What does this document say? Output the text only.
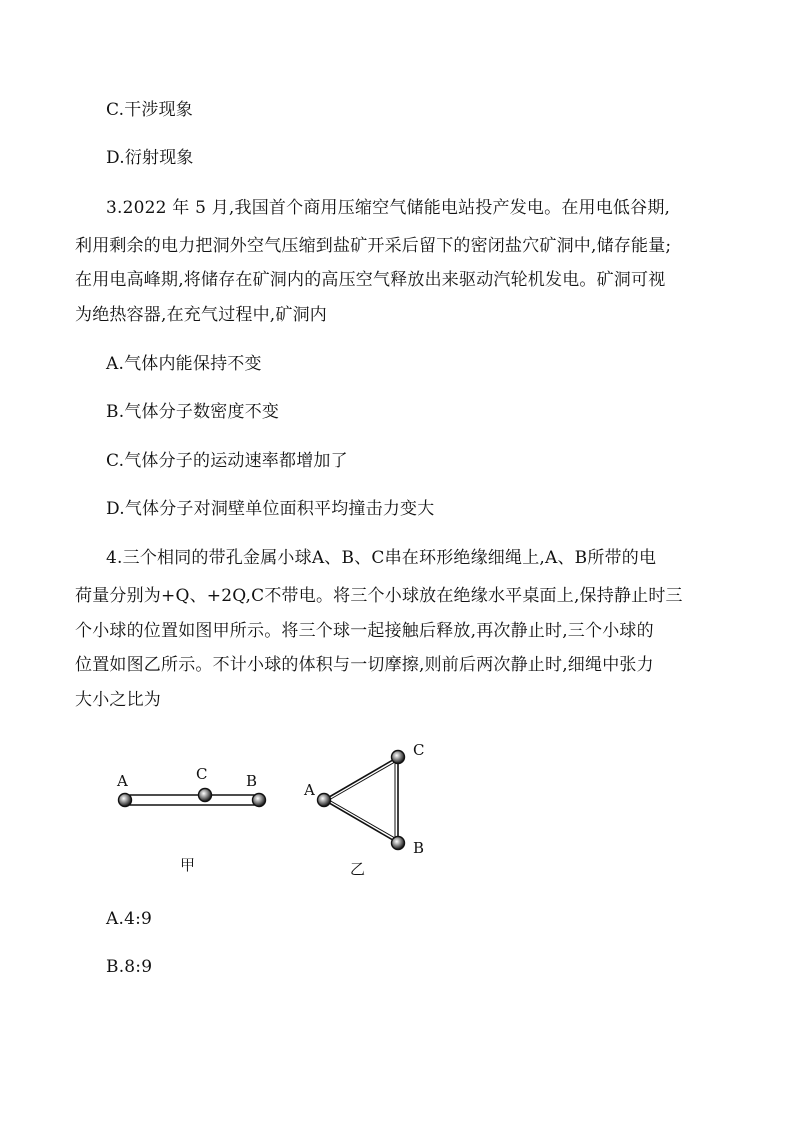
C.干涉现象
D.衍射现象
3.2022 年 5 月,我国首个商用压缩空气储能电站投产发电。在用电低谷期,
利用剩余的电力把洞外空气压缩到盐矿开采后留下的密闭盐穴矿洞中,储存能量;
在用电高峰期,将储存在矿洞内的高压空气释放出来驱动汽轮机发电。矿洞可视
为绝热容器,在充气过程中,矿洞内
A.气体内能保持不变
B.气体分子数密度不变
C.气体分子的运动速率都增加了
D.气体分子对洞壁单位面积平均撞击力变大
4.三个相同的带孔金属小球A、B、C串在环形绝缘细绳上,A、B所带的电
荷量分别为+Q、+2Q,C不带电。将三个小球放在绝缘水平桌面上,保持静止时三
个小球的位置如图甲所示。将三个球一起接触后释放,再次静止时,三个小球的
位置如图乙所示。不计小球的体积与一切摩擦,则前后两次静止时,细绳中张力
大小之比为
A	C	B
甲
A
C
B
乙
A.4:9
B.8:9
